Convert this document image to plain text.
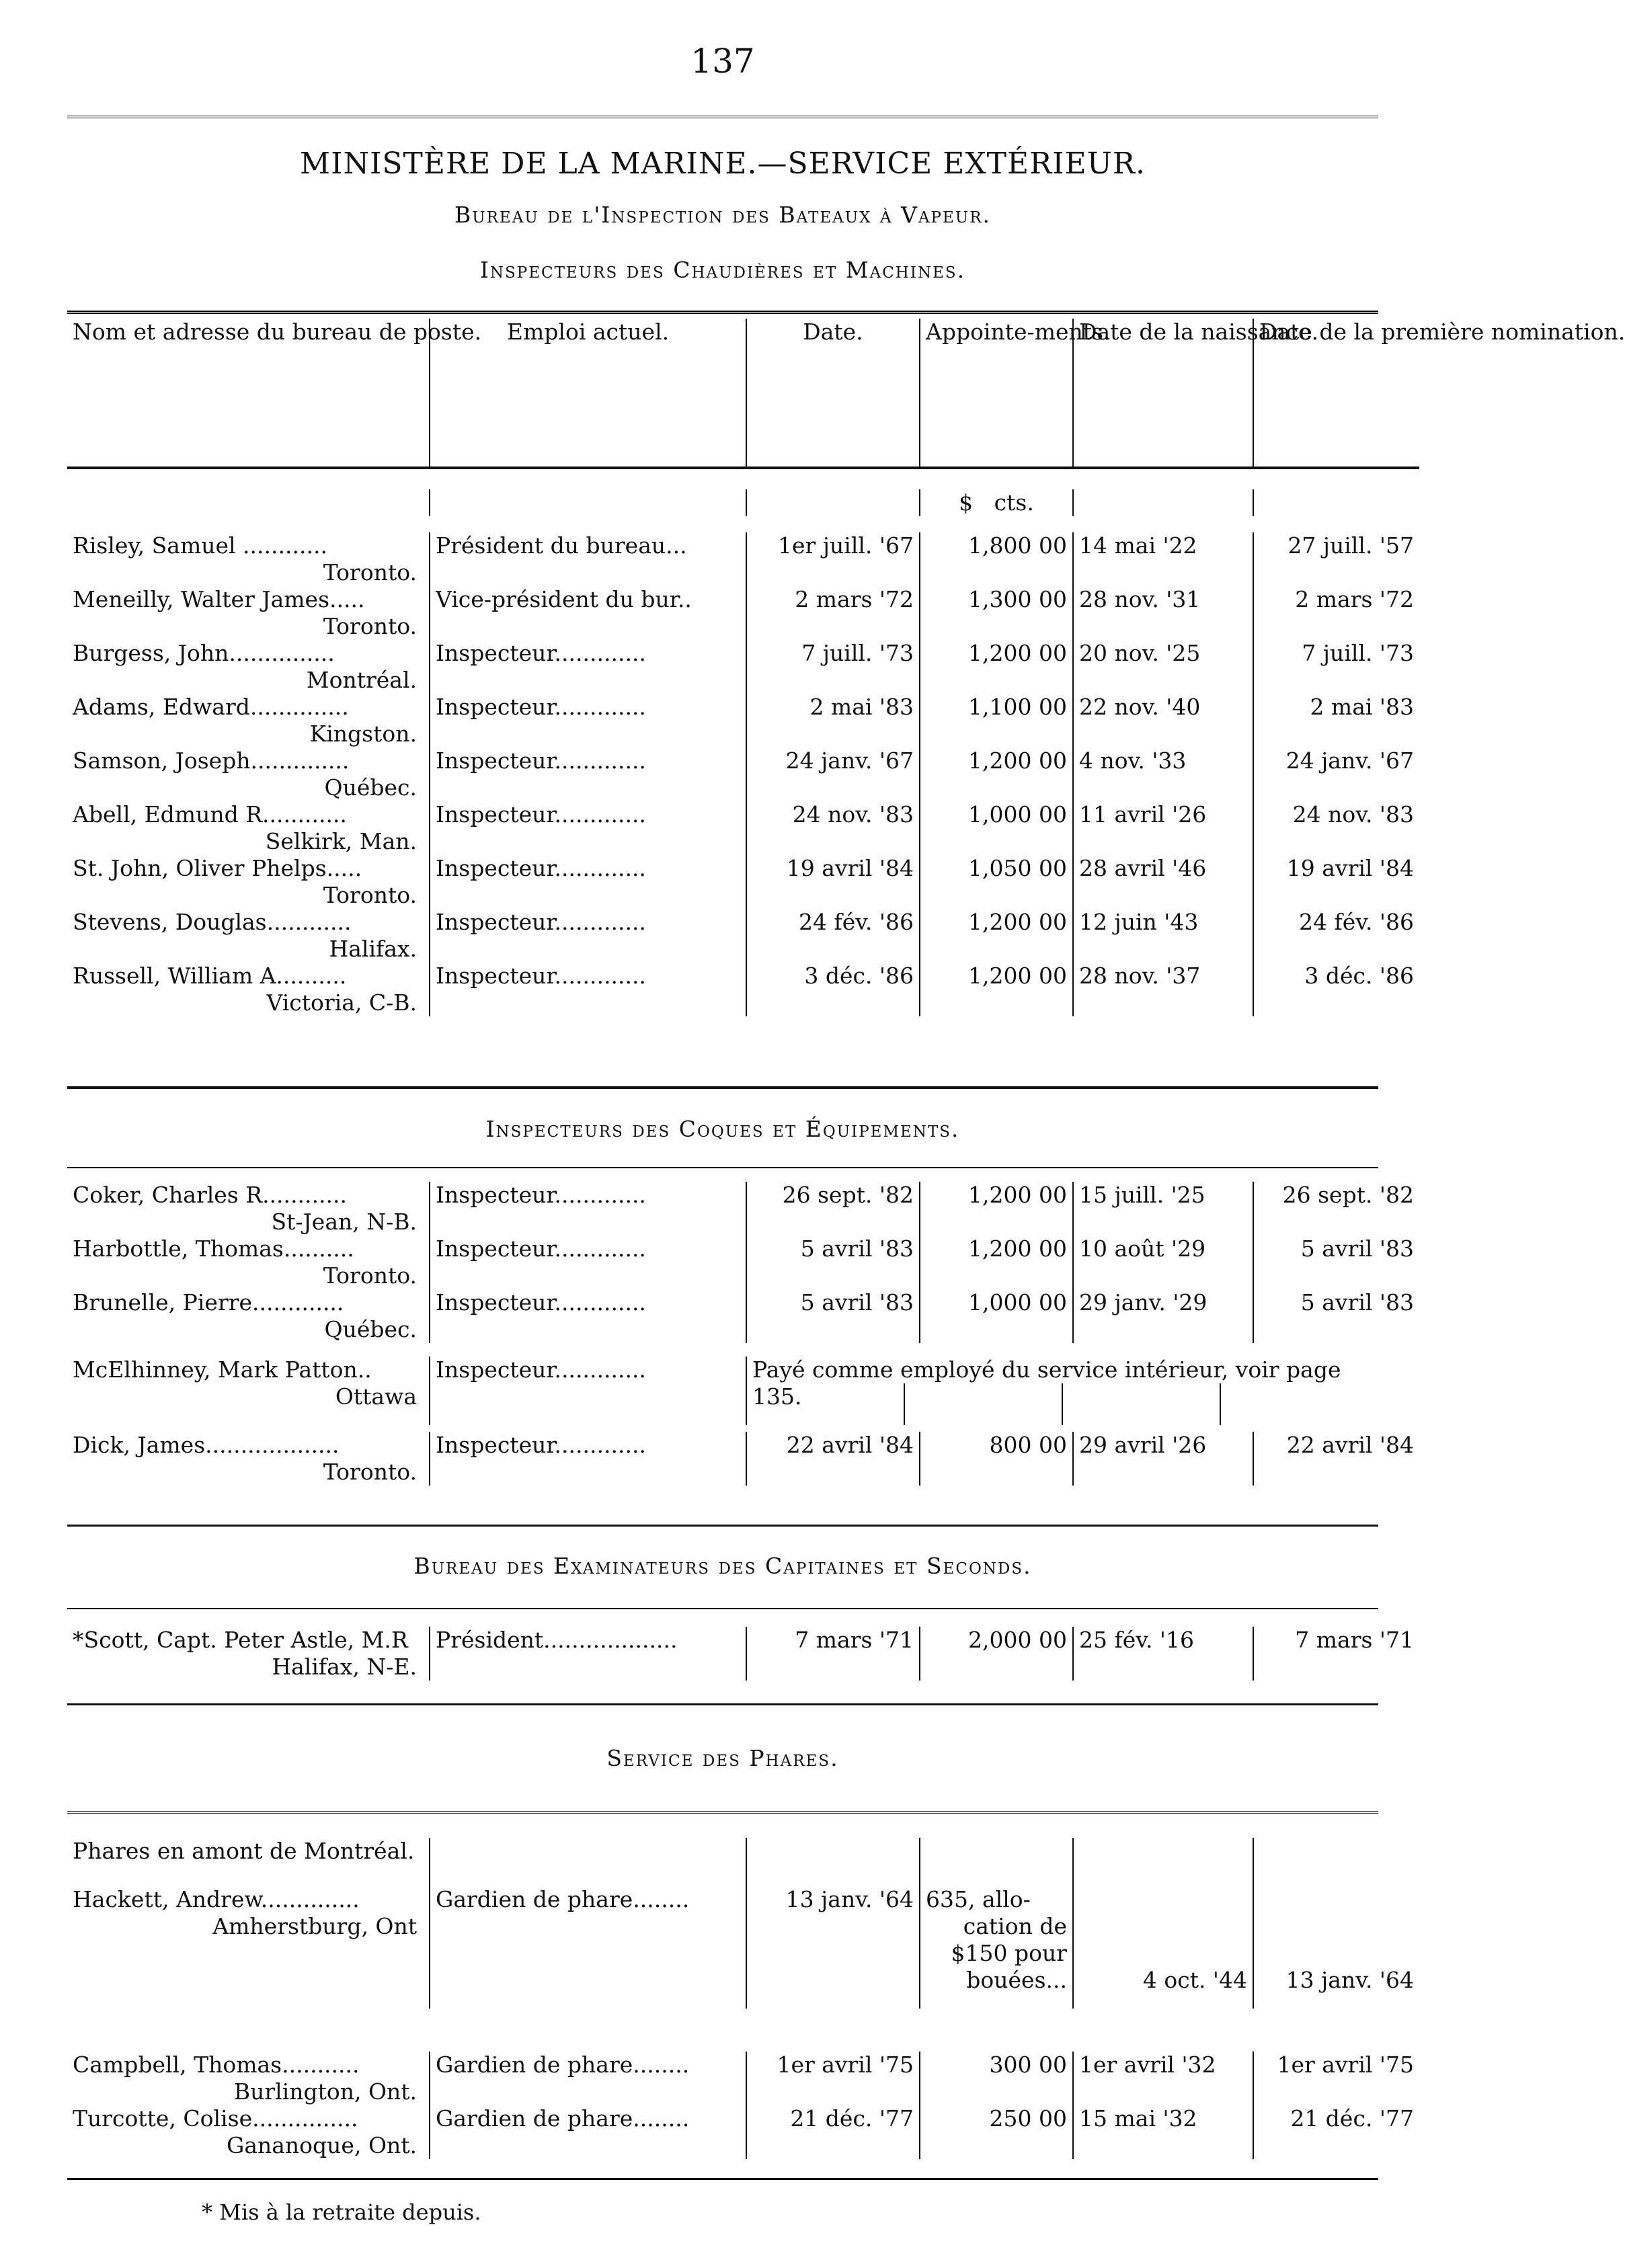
137
MINISTÈRE DE LA MARINE.—SERVICE EXTÉRIEUR.
Bureau de l'Inspection des Bateaux à Vapeur.
Inspecteurs des Chaudières et Machines.
Nom et adresse du bureau de poste.	Emploi actuel.	Date.	Appointe-ments.	Date de la naissance.	Date de la première nomination.

			$ cts.		
Risley, Samuel ............	Président du bureau...	1er juill. '67	1,800 00	14 mai '22	27 juill. '57
Toronto.					
Meneilly, Walter James.....	Vice-président du bur..	2 mars '72	1,300 00	28 nov. '31	2 mars '72
Toronto.					
Burgess, John...............	Inspecteur.............	7 juill. '73	1,200 00	20 nov. '25	7 juill. '73
Montréal.					
Adams, Edward..............	Inspecteur.............	2 mai '83	1,100 00	22 nov. '40	2 mai '83
Kingston.					
Samson, Joseph..............	Inspecteur.............	24 janv. '67	1,200 00	4 nov. '33	24 janv. '67
Québec.					
Abell, Edmund R............	Inspecteur.............	24 nov. '83	1,000 00	11 avril '26	24 nov. '83
Selkirk, Man.					
St. John, Oliver Phelps.....	Inspecteur.............	19 avril '84	1,050 00	28 avril '46	19 avril '84
Toronto.					
Stevens, Douglas............	Inspecteur.............	24 fév. '86	1,200 00	12 juin '43	24 fév. '86
Halifax.					
Russell, William A..........	Inspecteur.............	3 déc. '86	1,200 00	28 nov. '37	3 déc. '86
Victoria, C-B.					
Inspecteurs des Coques et Équipements.
Coker, Charles R............	Inspecteur.............	26 sept. '82	1,200 00	15 juill. '25	26 sept. '82
St-Jean, N-B.					
Harbottle, Thomas..........	Inspecteur.............	5 avril '83	1,200 00	10 août '29	5 avril '83
Toronto.					
Brunelle, Pierre.............	Inspecteur.............	5 avril '83	1,000 00	29 janv. '29	5 avril '83
Québec.					
McElhinney, Mark Patton..	Inspecteur.............	Payé comme employé du service intérieur, voir page			
Ottawa		135.			

Dick, James...................	Inspecteur.............	22 avril '84	800 00	29 avril '26	22 avril '84
Toronto.					
Bureau des Examinateurs des Capitaines et Seconds.
*Scott, Capt. Peter Astle, M.R	Président...................	7 mars '71	2,000 00	25 fév. '16	7 mars '71
Halifax, N-E.					
Service des Phares.
Phares en amont de Montréal.					

Hackett, Andrew..............	Gardien de phare........	13 janv. '64	635, allo-		
Amherstburg, Ont			cation de		
			$150 pour		
			bouées...	4 oct. '44	13 janv. '64

Campbell, Thomas...........	Gardien de phare........	1er avril '75	300 00	1er avril '32	1er avril '75
Burlington, Ont.					
Turcotte, Colise...............	Gardien de phare........	21 déc. '77	250 00	15 mai '32	21 déc. '77
Gananoque, Ont.					
* Mis à la retraite depuis.
